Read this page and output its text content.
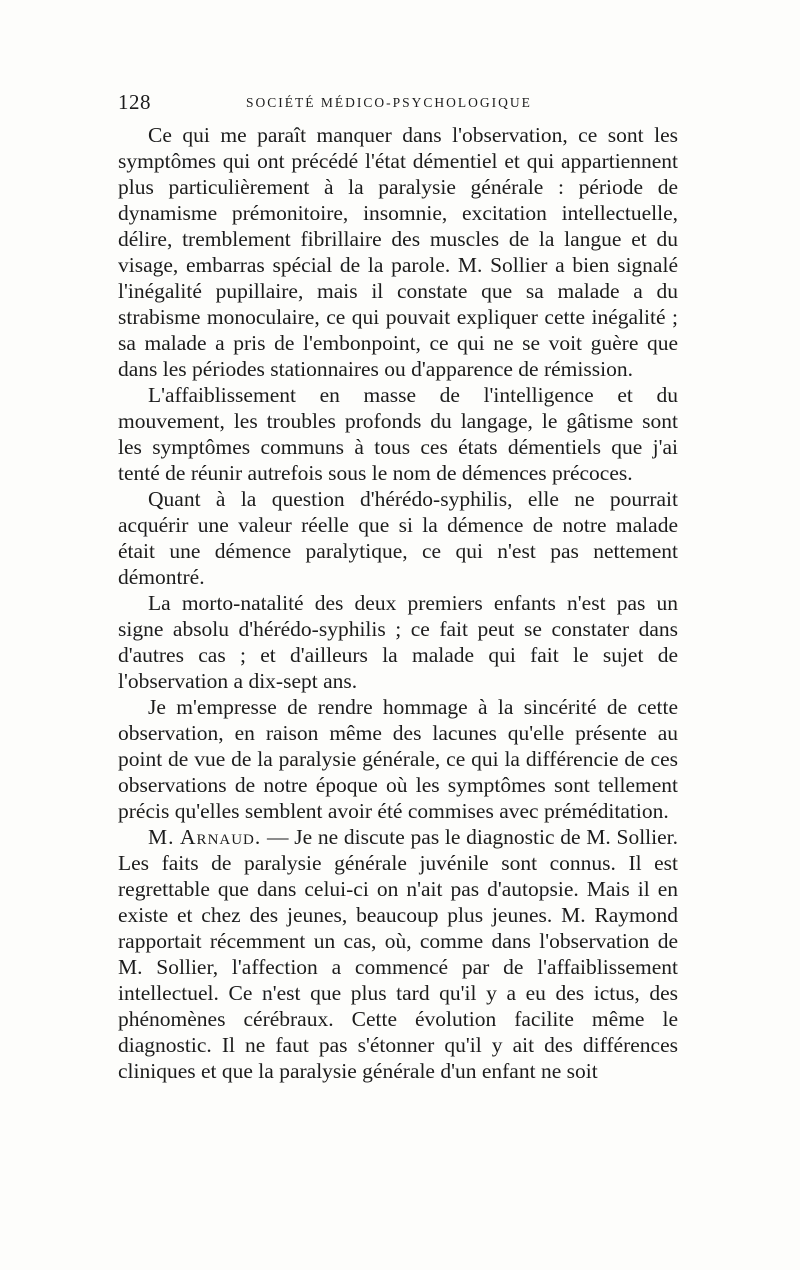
128	SOCIÉTÉ MÉDICO-PSYCHOLOGIQUE

Ce qui me paraît manquer dans l'observation, ce sont les symptômes qui ont précédé l'état démentiel et qui appartiennent plus particulièrement à la paralysie générale : période de dynamisme prémonitoire, insomnie, excitation intellectuelle, délire, tremblement fibrillaire des muscles de la langue et du visage, embarras spécial de la parole. M. Sollier a bien signalé l'inégalité pupillaire, mais il constate que sa malade a du strabisme monoculaire, ce qui pouvait expliquer cette inégalité ; sa malade a pris de l'embonpoint, ce qui ne se voit guère que dans les périodes stationnaires ou d'apparence de rémission.

L'affaiblissement en masse de l'intelligence et du mouvement, les troubles profonds du langage, le gâtisme sont les symptômes communs à tous ces états démentiels que j'ai tenté de réunir autrefois sous le nom de démences précoces.

Quant à la question d'hérédo-syphilis, elle ne pourrait acquérir une valeur réelle que si la démence de notre malade était une démence paralytique, ce qui n'est pas nettement démontré.

La morto-natalité des deux premiers enfants n'est pas un signe absolu d'hérédo-syphilis ; ce fait peut se constater dans d'autres cas ; et d'ailleurs la malade qui fait le sujet de l'observation a dix-sept ans.

Je m'empresse de rendre hommage à la sincérité de cette observation, en raison même des lacunes qu'elle présente au point de vue de la paralysie générale, ce qui la différencie de ces observations de notre époque où les symptômes sont tellement précis qu'elles semblent avoir été commises avec préméditation.

M. Arnaud. — Je ne discute pas le diagnostic de M. Sollier. Les faits de paralysie générale juvénile sont connus. Il est regrettable que dans celui-ci on n'ait pas d'autopsie. Mais il en existe et chez des jeunes, beaucoup plus jeunes. M. Raymond rapportait récemment un cas, où, comme dans l'observation de M. Sollier, l'affection a commencé par de l'affaiblissement intellectuel. Ce n'est que plus tard qu'il y a eu des ictus, des phénomènes cérébraux. Cette évolution facilite même le diagnostic. Il ne faut pas s'étonner qu'il y ait des différences cliniques et que la paralysie générale d'un enfant ne soit
